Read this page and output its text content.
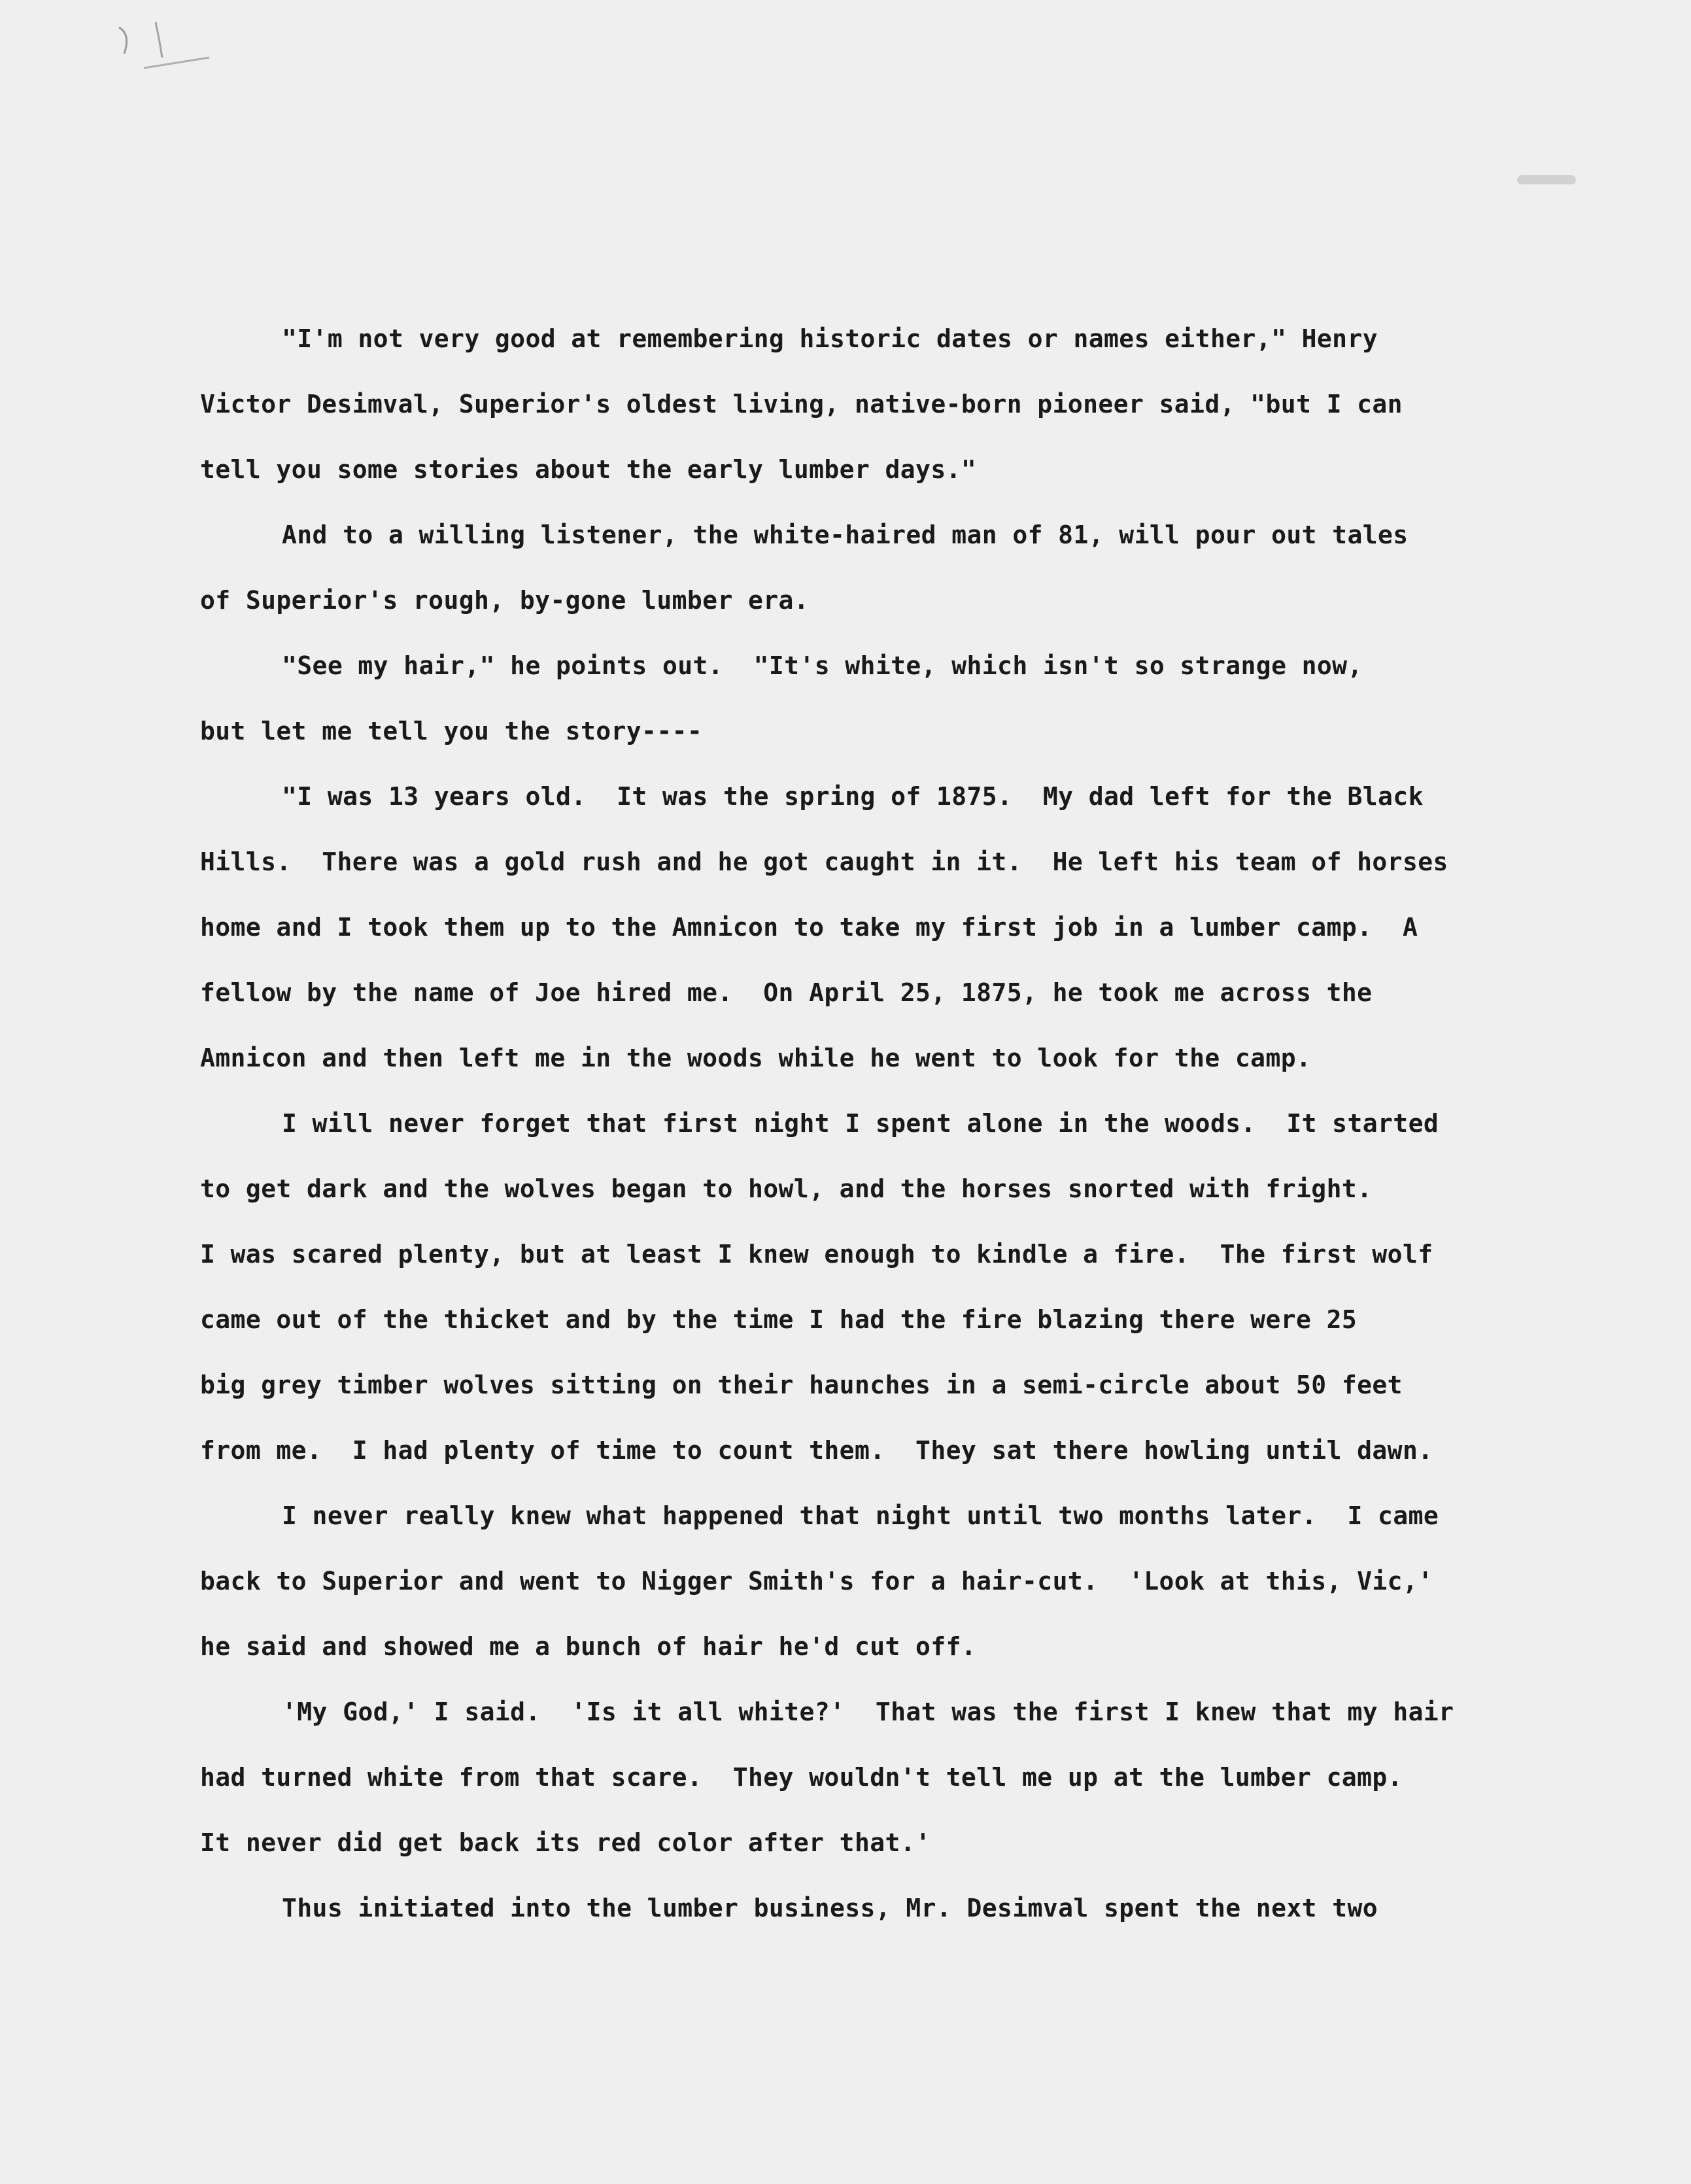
"I'm not very good at remembering historic dates or names either," Henry
Victor Desimval, Superior's oldest living, native-born pioneer said, "but I can
tell you some stories about the early lumber days."
And to a willing listener, the white-haired man of 81, will pour out tales
of Superior's rough, by-gone lumber era.
"See my hair," he points out.  "It's white, which isn't so strange now,
but let me tell you the story----
"I was 13 years old.  It was the spring of 1875.  My dad left for the Black
Hills.  There was a gold rush and he got caught in it.  He left his team of horses
home and I took them up to the Amnicon to take my first job in a lumber camp.  A
fellow by the name of Joe hired me.  On April 25, 1875, he took me across the
Amnicon and then left me in the woods while he went to look for the camp.
I will never forget that first night I spent alone in the woods.  It started
to get dark and the wolves began to howl, and the horses snorted with fright.
I was scared plenty, but at least I knew enough to kindle a fire.  The first wolf
came out of the thicket and by the time I had the fire blazing there were 25
big grey timber wolves sitting on their haunches in a semi-circle about 50 feet
from me.  I had plenty of time to count them.  They sat there howling until dawn.
I never really knew what happened that night until two months later.  I came
back to Superior and went to Nigger Smith's for a hair-cut.  'Look at this, Vic,'
he said and showed me a bunch of hair he'd cut off.
'My God,' I said.  'Is it all white?'  That was the first I knew that my hair
had turned white from that scare.  They wouldn't tell me up at the lumber camp.
It never did get back its red color after that.'
Thus initiated into the lumber business, Mr. Desimval spent the next two
